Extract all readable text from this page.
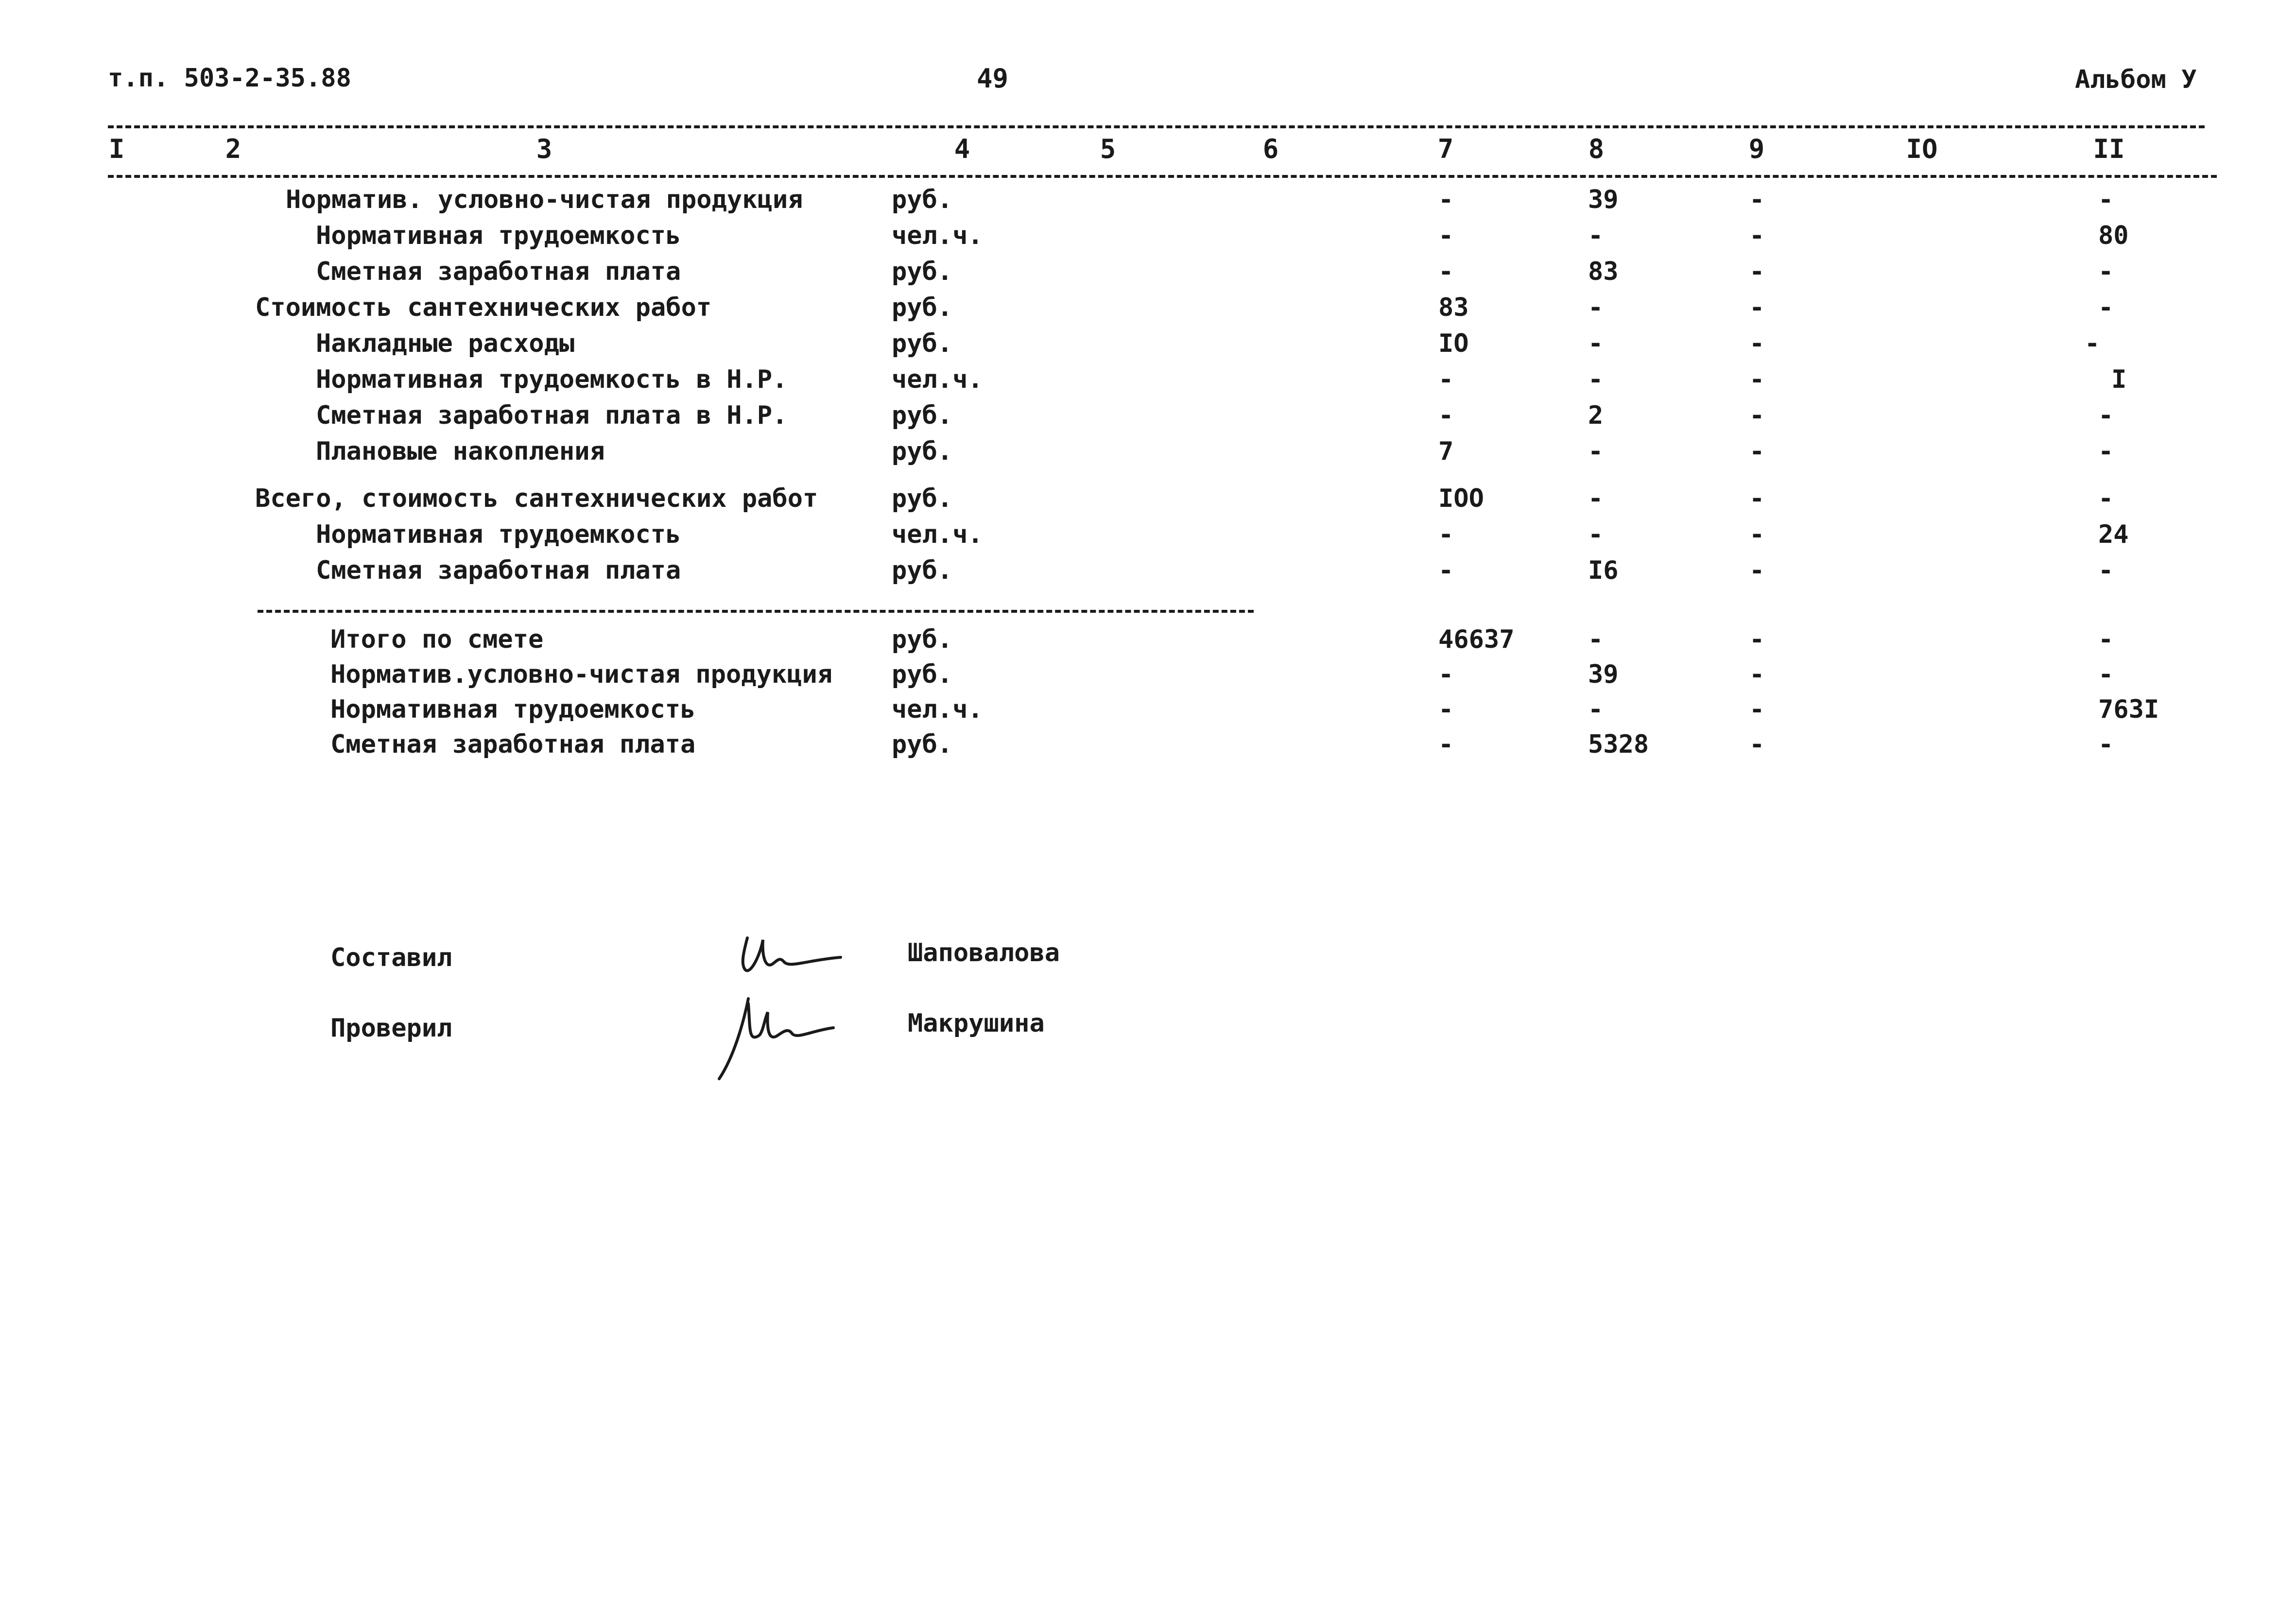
т.п. 503-2-35.88	49	Альбом У
I	2	3	4	5	6	7	8	9	IO	II
Норматив. условно-чистая продукция	руб.	-	39	-	-
Нормативная трудоемкость	чел.ч.	-	-	-	80
Сметная заработная плата	руб.	-	83	-	-
Стоимость сантехнических работ	руб.	83	-	-	-
Накладные расходы	руб.	IO	-	-	-
Нормативная трудоемкость в Н.Р.	чел.ч.	-	-	-	I
Сметная заработная плата в Н.Р.	руб.	-	2	-	-
Плановые накопления	руб.	7	-	-	-
Всего, стоимость сантехнических работ	руб.	IOO	-	-	-
Нормативная трудоемкость	чел.ч.	-	-	-	24
Сметная заработная плата	руб.	-	I6	-	-
Итого по смете	руб.	46637	-	-	-
Норматив.условно-чистая продукция руб.	-	39	-	-
Нормативная трудоемкость	чел.ч.	-	-	-	763I
Сметная заработная плата	руб.	-	5328	-	-
Составил	Шаповалова
Проверил	Макрушина
